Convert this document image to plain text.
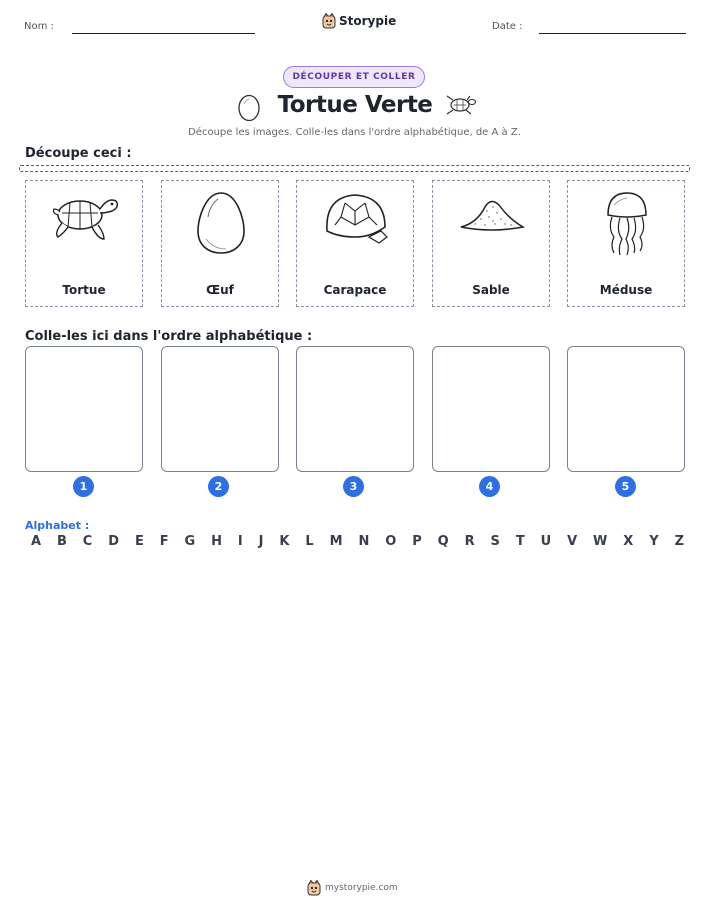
Nom :	Storypie	Date :
DÉCOUPER ET COLLER
Tortue Verte
Découpe les images. Colle-les dans l'ordre alphabétique, de A à Z.
Découpe ceci :
Tortue	Œuf	Carapace	Sable	Méduse
Colle-les ici dans l'ordre alphabétique :
1	2	3	4	5
Alphabet :
A B C D E F G H I J K L M N O P Q R S T U V W X Y Z
mystorypie.com
